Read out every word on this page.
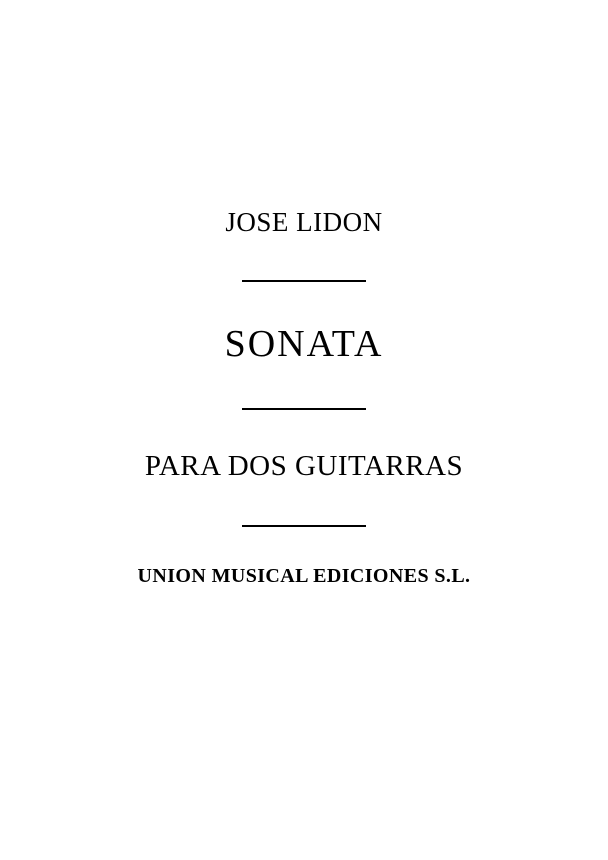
JOSE LIDON
SONATA
PARA DOS GUITARRAS
UNION MUSICAL EDICIONES S.L.
